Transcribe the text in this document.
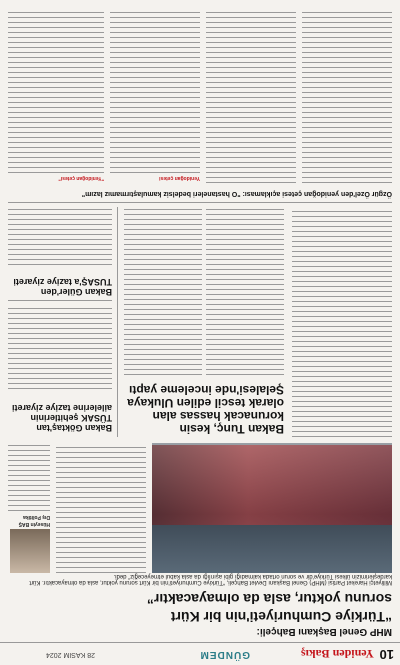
10
Yeniden Bakış
GÜNDEM
28 KASIM 2024
MHP Genel Başkanı Bahçeli:
“Türkiye Cumhuriyeti'nin bir Kürt
sorunu yoktur, asla da olmayacaktır”
Milliyetçi Hareket Partisi (MHP) Genel Başkanı Devlet Bahçeli, “Türkiye Cumhuriyeti'nin bir Kürt sorunu yoktur, asla da olmayacaktır. Kürt kardeşlerimizin ülkesi Türkiye'dir ve sorun ortada kalmadığı gibi aşırılığı da asla kabul etmeyeceğiz” dedi.
Hüseyin BAŞ
Dış Politika
Bakan Tunç, kesin korunacak hassas alan olarak tescil edilen Ulukaya Şelalesi'nde inceleme yaptı
Bakan Göktaş'tan TÜSAK şehitlerinin ailelerine taziye ziyareti
Bakan Güler'den TUSAŞ'a taziye ziyareti
Özgür Özel'den yenidoğan çetesi açıklaması: "O hastaneleri bedelsiz kamulaştırmamız lazım"
Yenidoğan çetesi
"Yenidoğan çetesi"
